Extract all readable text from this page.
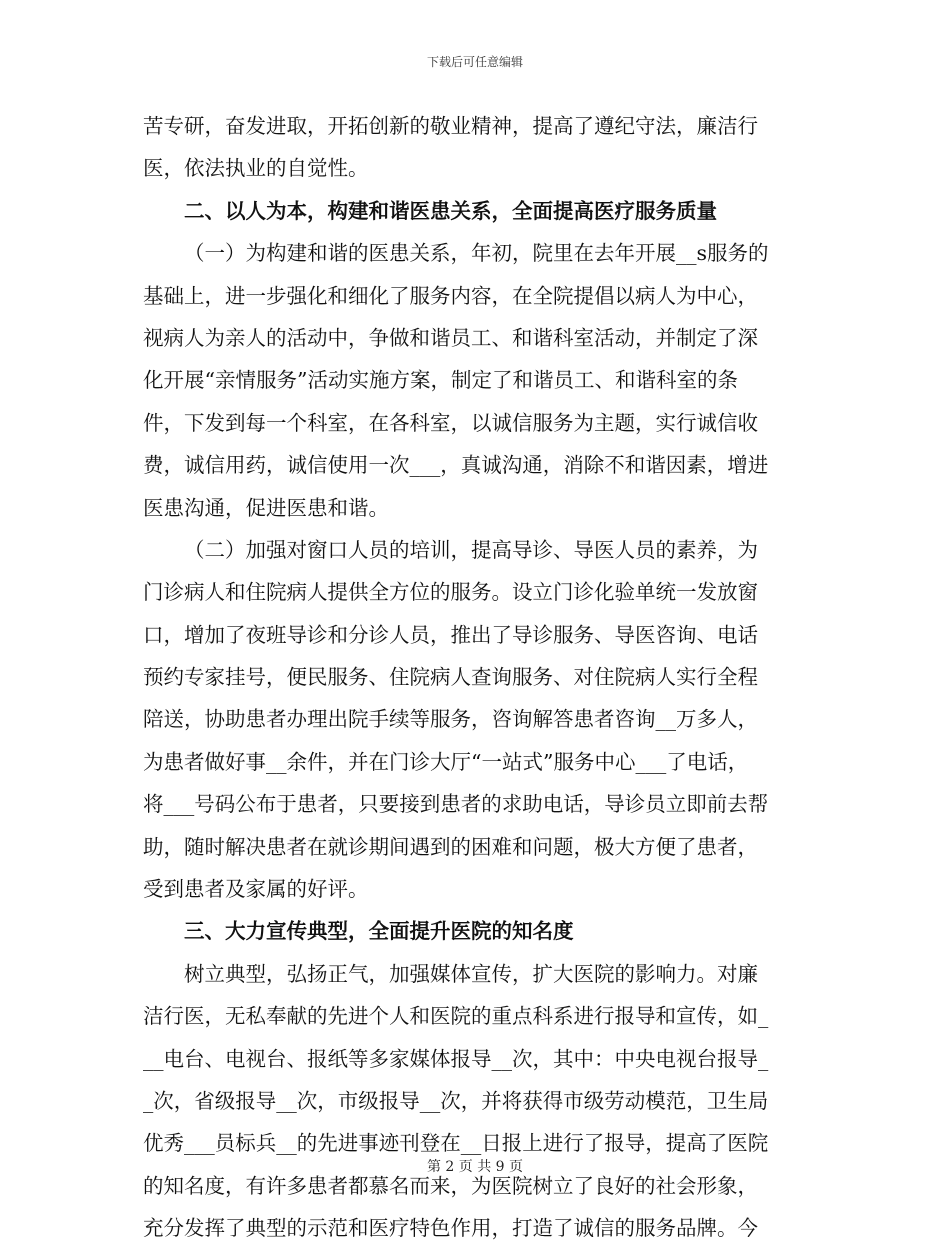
下载后可任意编辑
苦专研，奋发进取，开拓创新的敬业精神，提高了遵纪守法，廉洁行
医，依法执业的自觉性。
二、以人为本，构建和谐医患关系，全面提高医疗服务质量
（一）为构建和谐的医患关系，年初，院里在去年开展__s服务的
基础上，进一步强化和细化了服务内容，在全院提倡以病人为中心，
视病人为亲人的活动中，争做和谐员工、和谐科室活动，并制定了深
化开展“亲情服务”活动实施方案，制定了和谐员工、和谐科室的条
件，下发到每一个科室，在各科室，以诚信服务为主题，实行诚信收
费，诚信用药，诚信使用一次___，真诚沟通，消除不和谐因素，增进
医患沟通，促进医患和谐。
（二）加强对窗口人员的培训，提高导诊、导医人员的素养，为
门诊病人和住院病人提供全方位的服务。设立门诊化验单统一发放窗
口，增加了夜班导诊和分诊人员，推出了导诊服务、导医咨询、电话
预约专家挂号，便民服务、住院病人查询服务、对住院病人实行全程
陪送，协助患者办理出院手续等服务，咨询解答患者咨询__万多人，
为患者做好事__余件，并在门诊大厅“一站式”服务中心___了电话，
将___号码公布于患者，只要接到患者的求助电话，导诊员立即前去帮
助，随时解决患者在就诊期间遇到的困难和问题，极大方便了患者，
受到患者及家属的好评。
三、大力宣传典型，全面提升医院的知名度
树立典型，弘扬正气，加强媒体宣传，扩大医院的影响力。对廉
洁行医，无私奉献的先进个人和医院的重点科系进行报导和宣传，如_
__电台、电视台、报纸等多家媒体报导__次，其中：中央电视台报导_
_次，省级报导__次，市级报导__次，并将获得市级劳动模范，卫生局
优秀___员标兵__的先进事迹刊登在__日报上进行了报导，提高了医院
的知名度，有许多患者都慕名而来，为医院树立了良好的社会形象，
充分发挥了典型的示范和医疗特色作用，打造了诚信的服务品牌。今
第 2 页 共 9 页
